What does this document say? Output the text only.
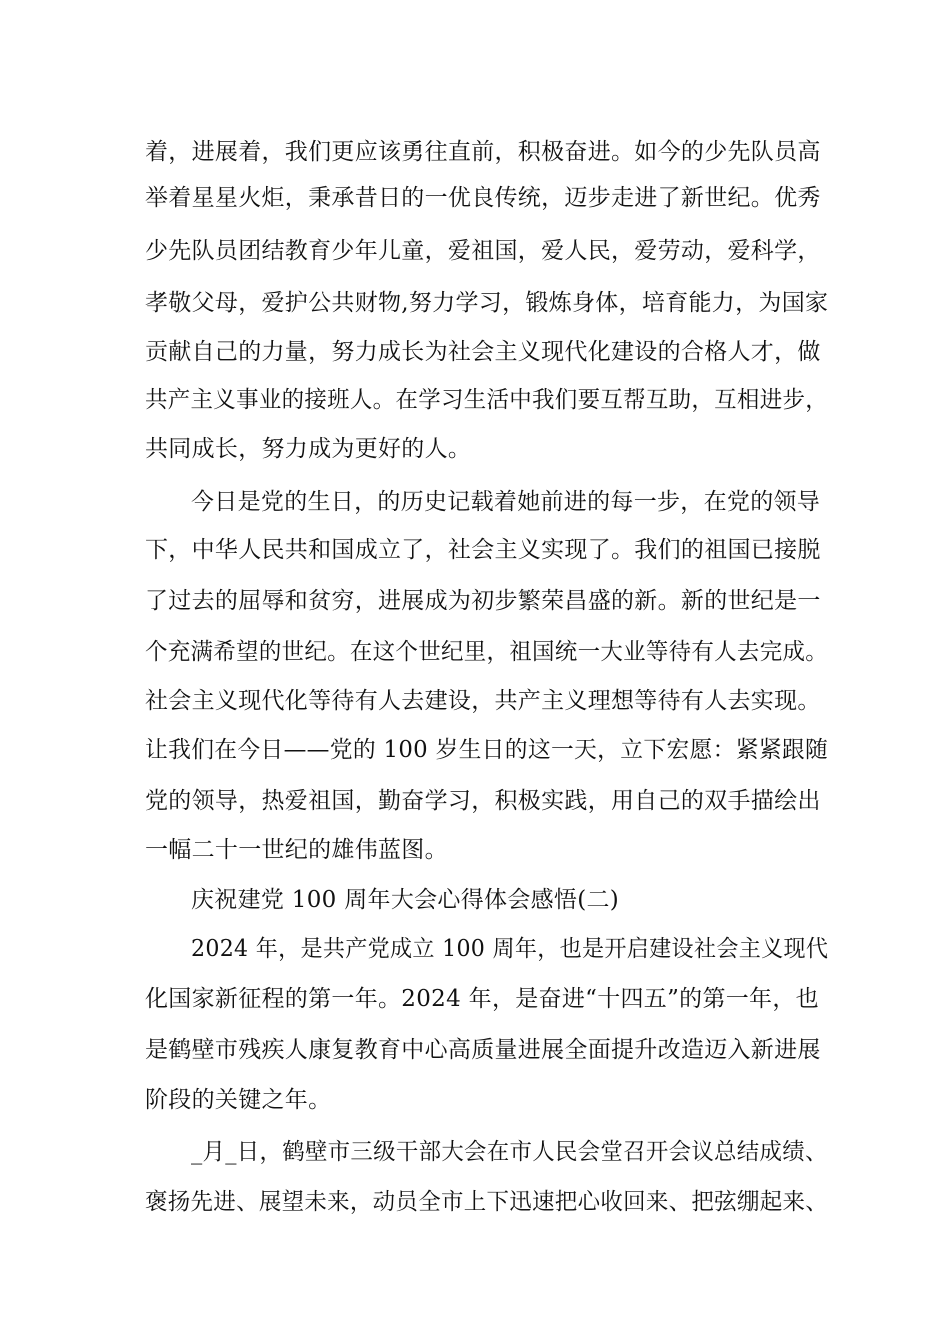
着，进展着，我们更应该勇往直前，积极奋进。如今的少先队员高
举着星星火炬，秉承昔日的一优良传统，迈步走进了新世纪。优秀
少先队员团结教育少年儿童，爱祖国，爱人民，爱劳动，爱科学，
孝敬父母，爱护公共财物,努力学习，锻炼身体，培育能力，为国家
贡献自己的力量，努力成长为社会主义现代化建设的合格人才，做
共产主义事业的接班人。在学习生活中我们要互帮互助，互相进步，
共同成长，努力成为更好的人。
今日是党的生日，的历史记载着她前进的每一步，在党的领导
下，中华人民共和国成立了，社会主义实现了。我们的祖国已接脱
了过去的屈辱和贫穷，进展成为初步繁荣昌盛的新。新的世纪是一
个充满希望的世纪。在这个世纪里，祖国统一大业等待有人去完成。
社会主义现代化等待有人去建设，共产主义理想等待有人去实现。
让我们在今日——党的 100 岁生日的这一天，立下宏愿：紧紧跟随
党的领导，热爱祖国，勤奋学习，积极实践，用自己的双手描绘出
一幅二十一世纪的雄伟蓝图。
庆祝建党 100 周年大会心得体会感悟(二)
2024 年，是共产党成立 100 周年，也是开启建设社会主义现代
化国家新征程的第一年。2024 年，是奋进“十四五”的第一年，也
是鹤壁市残疾人康复教育中心高质量进展全面提升改造迈入新进展
阶段的关键之年。
_月_日，鹤壁市三级干部大会在市人民会堂召开会议总结成绩、
褒扬先进、展望未来，动员全市上下迅速把心收回来、把弦绷起来、
